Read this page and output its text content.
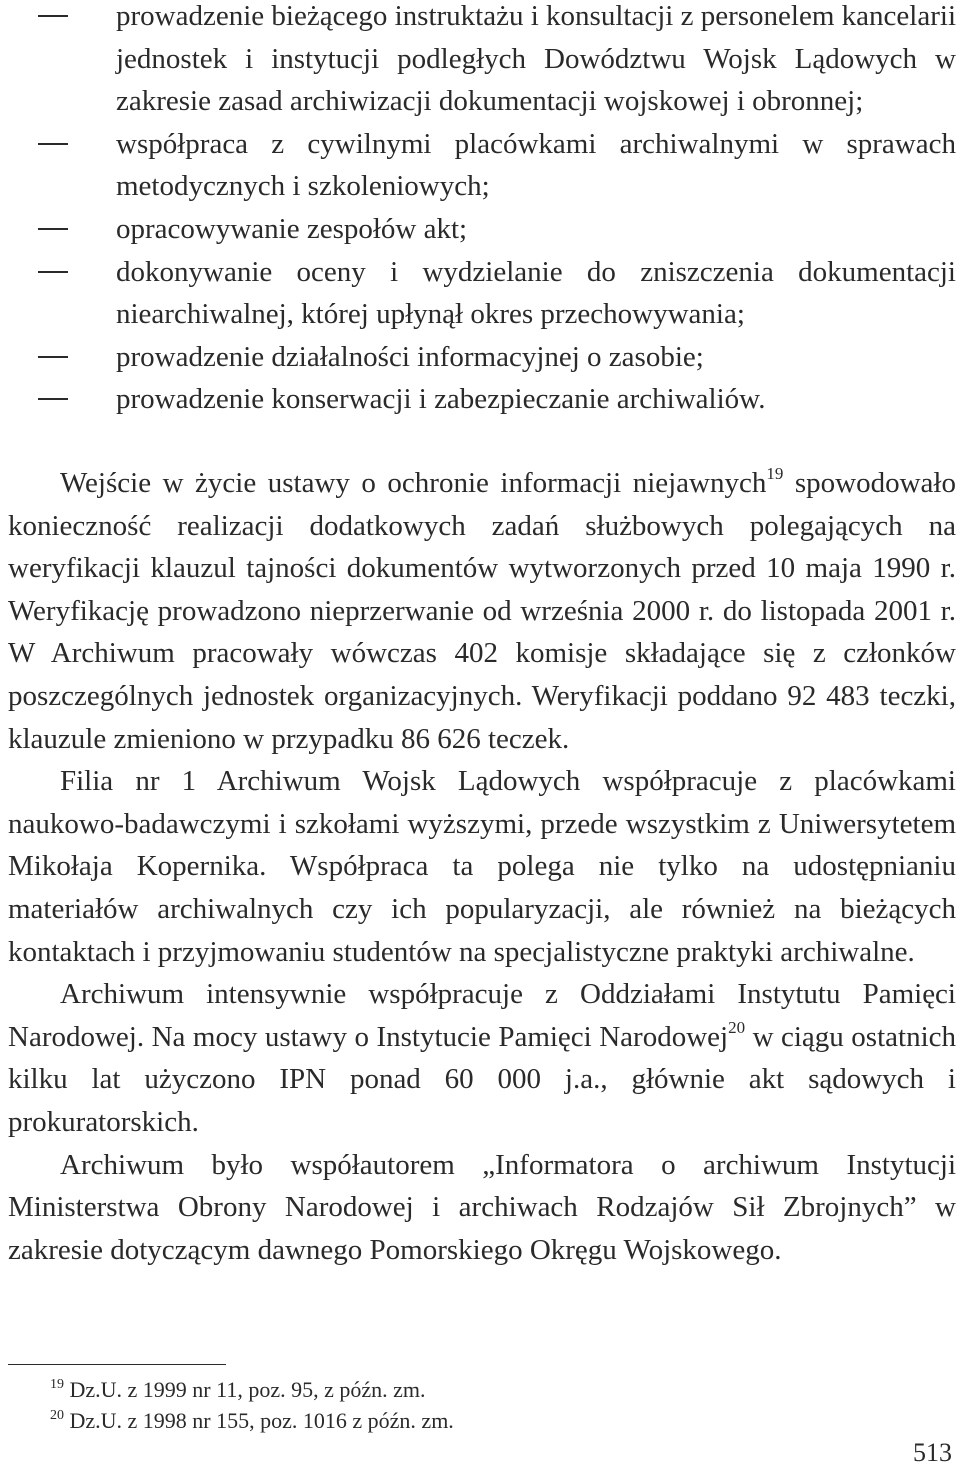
prowadzenie bieżącego instruktażu i konsultacji z personelem kancelarii jednostek i instytucji podległych Dowództwu Wojsk Lądowych w zakresie zasad archiwizacji dokumentacji wojskowej i obronnej;
współpraca z cywilnymi placówkami archiwalnymi w sprawach metodycznych i szkoleniowych;
opracowywanie zespołów akt;
dokonywanie oceny i wydzielanie do zniszczenia dokumentacji niearchiwalnej, której upłynął okres przechowywania;
prowadzenie działalności informacyjnej o zasobie;
prowadzenie konserwacji i zabezpieczanie archiwaliów.

Wejście w życie ustawy o ochronie informacji niejawnych$^{19}$ spowodowało konieczność realizacji dodatkowych zadań służbowych polegających na weryfikacji klauzul tajności dokumentów wytworzonych przed 10 maja 1990 r. Weryfikację prowadzono nieprzerwanie od września 2000 r. do listopada 2001 r. W Archiwum pracowały wówczas 402 komisje składające się z członków poszczególnych jednostek organizacyjnych. Weryfikacji poddano 92 483 teczki, klauzule zmieniono w przypadku 86 626 teczek.

Filia nr 1 Archiwum Wojsk Lądowych współpracuje z placówkami naukowo-badawczymi i szkołami wyższymi, przede wszystkim z Uniwersytetem Mikołaja Kopernika. Współpraca ta polega nie tylko na udostępnianiu materiałów archiwalnych czy ich popularyzacji, ale również na bieżących kontaktach i przyjmowaniu studentów na specjalistyczne praktyki archiwalne.

Archiwum intensywnie współpracuje z Oddziałami Instytutu Pamięci Narodowej. Na mocy ustawy o Instytucie Pamięci Narodowej$^{20}$ w ciągu ostatnich kilku lat użyczono IPN ponad 60 000 j.a., głównie akt sądowych i prokuratorskich.

Archiwum było współautorem „Informatora o archiwum Instytucji Ministerstwa Obrony Narodowej i archiwach Rodzajów Sił Zbrojnych” w zakresie dotyczącym dawnego Pomorskiego Okręgu Wojskowego.

$^{19}$ Dz.U. z 1999 nr 11, poz. 95, z późn. zm.

$^{20}$ Dz.U. z 1998 nr 155, poz. 1016 z późn. zm.

513
